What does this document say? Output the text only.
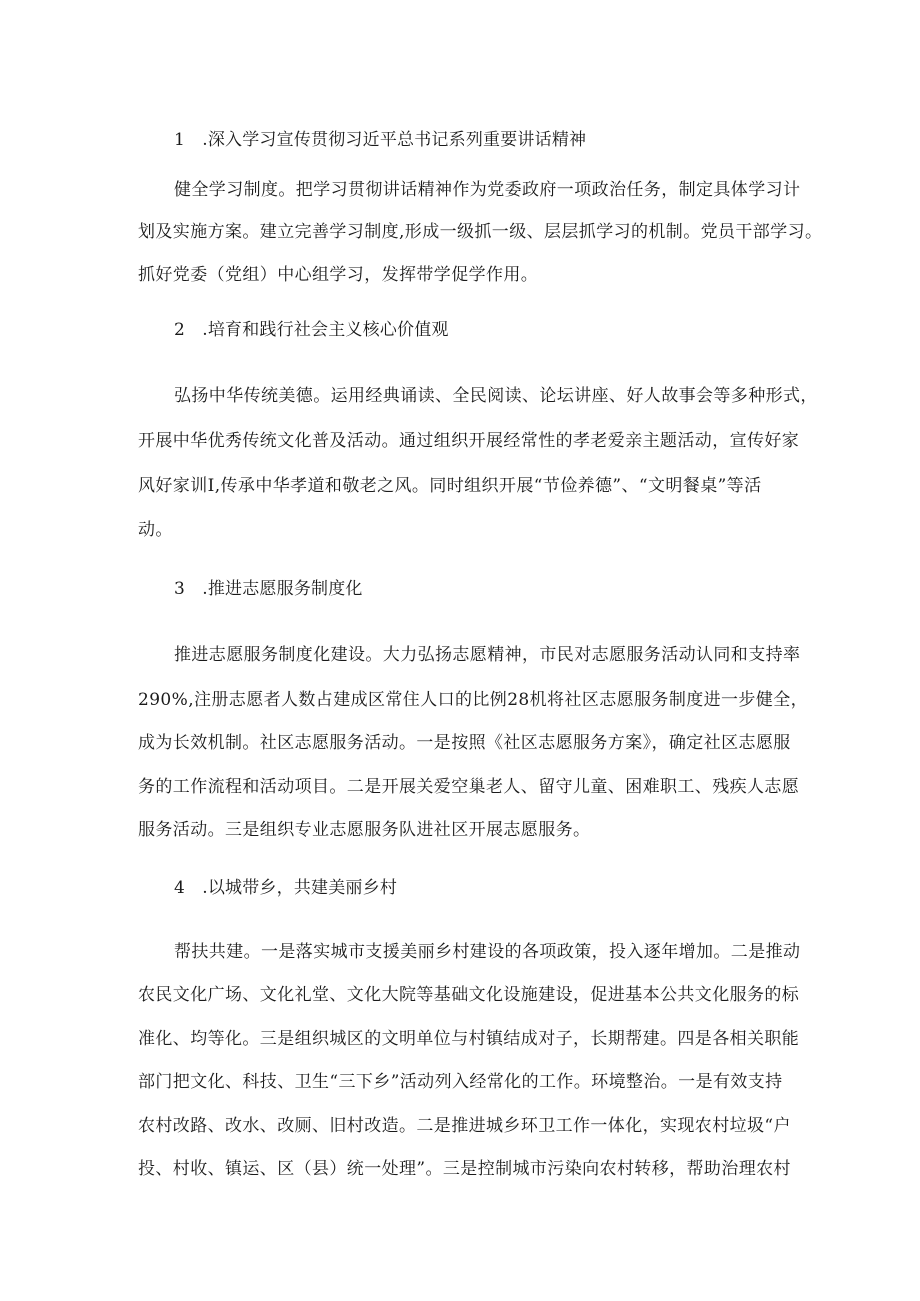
1　.深入学习宣传贯彻习近平总书记系列重要讲话精神
健全学习制度。把学习贯彻讲话精神作为党委政府一项政治任务，制定具体学习计
划及实施方案。建立完善学习制度,形成一级抓一级、层层抓学习的机制。党员干部学习。
抓好党委（党组）中心组学习，发挥带学促学作用。
2　.培育和践行社会主义核心价值观
弘扬中华传统美德。运用经典诵读、全民阅读、论坛讲座、好人故事会等多种形式，
开展中华优秀传统文化普及活动。通过组织开展经常性的孝老爱亲主题活动，宣传好家
风好家训I,传承中华孝道和敬老之风。同时组织开展“节俭养德”、“文明餐桌”等活
动。
3　.推进志愿服务制度化
推进志愿服务制度化建设。大力弘扬志愿精神，市民对志愿服务活动认同和支持率
290%,注册志愿者人数占建成区常住人口的比例28机将社区志愿服务制度进一步健全，
成为长效机制。社区志愿服务活动。一是按照《社区志愿服务方案》，确定社区志愿服
务的工作流程和活动项目。二是开展关爱空巢老人、留守儿童、困难职工、残疾人志愿
服务活动。三是组织专业志愿服务队进社区开展志愿服务。
4　.以城带乡，共建美丽乡村
帮扶共建。一是落实城市支援美丽乡村建设的各项政策，投入逐年增加。二是推动
农民文化广场、文化礼堂、文化大院等基础文化设施建设，促进基本公共文化服务的标
准化、均等化。三是组织城区的文明单位与村镇结成对子，长期帮建。四是各相关职能
部门把文化、科技、卫生“三下乡”活动列入经常化的工作。环境整治。一是有效支持
农村改路、改水、改厕、旧村改造。二是推进城乡环卫工作一体化，实现农村垃圾“户
投、村收、镇运、区（县）统一处理”。三是控制城市污染向农村转移，帮助治理农村
